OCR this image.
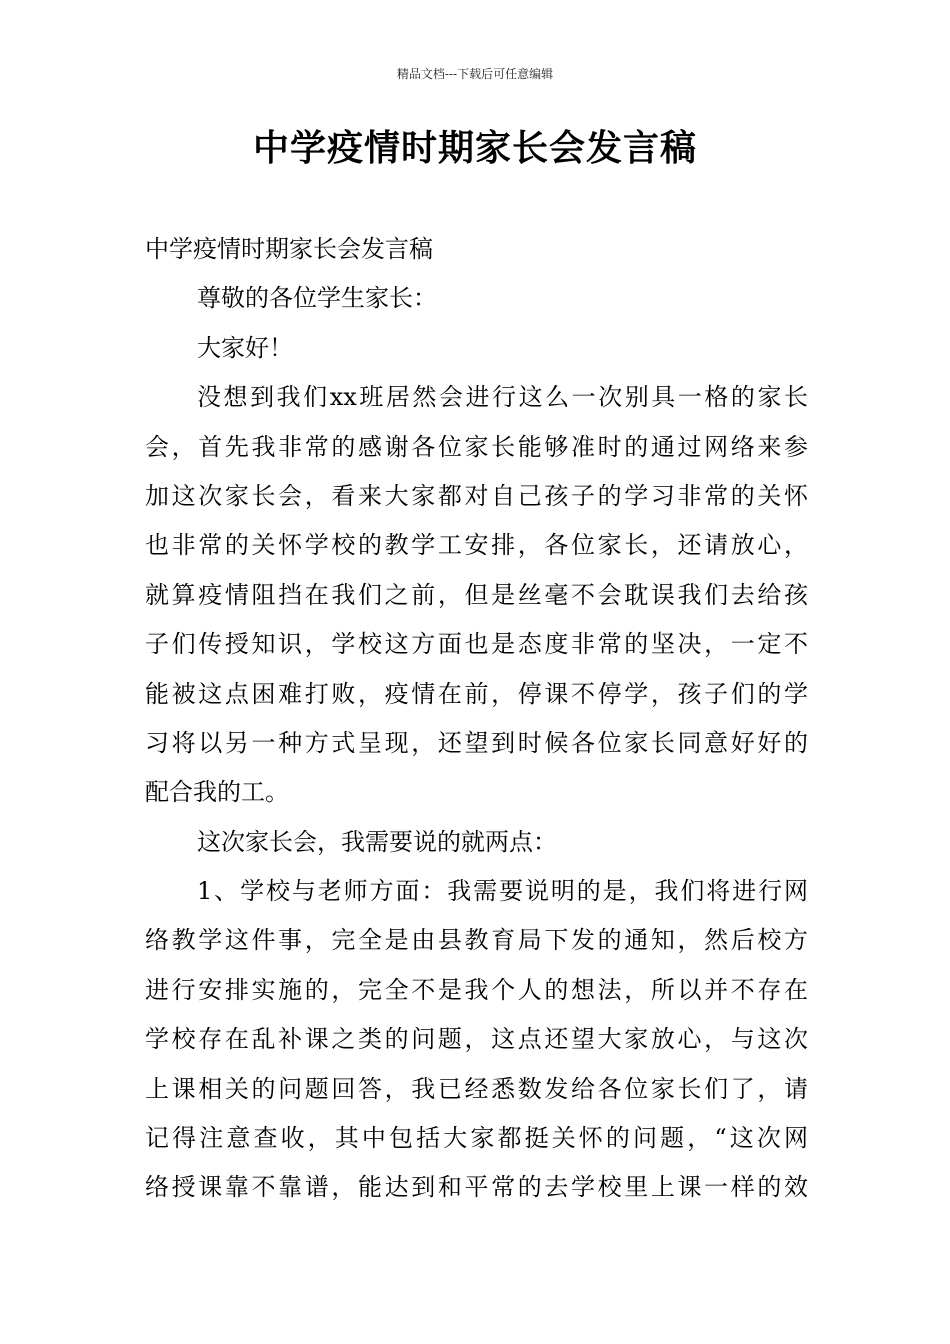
精品文档---下载后可任意编辑
中学疫情时期家长会发言稿
中学疫情时期家长会发言稿
尊敬的各位学生家长：
大家好！
没想到我们xx班居然会进行这么一次别具一格的家长
会，首先我非常的感谢各位家长能够准时的通过网络来参
加这次家长会，看来大家都对自己孩子的学习非常的关怀
也非常的关怀学校的教学工安排，各位家长，还请放心，
就算疫情阻挡在我们之前，但是丝毫不会耽误我们去给孩
子们传授知识，学校这方面也是态度非常的坚决，一定不
能被这点困难打败，疫情在前，停课不停学，孩子们的学
习将以另一种方式呈现，还望到时候各位家长同意好好的
配合我的工。
这次家长会，我需要说的就两点：
1、学校与老师方面：我需要说明的是，我们将进行网
络教学这件事，完全是由县教育局下发的通知，然后校方
进行安排实施的，完全不是我个人的想法，所以并不存在
学校存在乱补课之类的问题，这点还望大家放心，与这次
上课相关的问题回答，我已经悉数发给各位家长们了，请
记得注意查收，其中包括大家都挺关怀的问题，“这次网
络授课靠不靠谱，能达到和平常的去学校里上课一样的效
